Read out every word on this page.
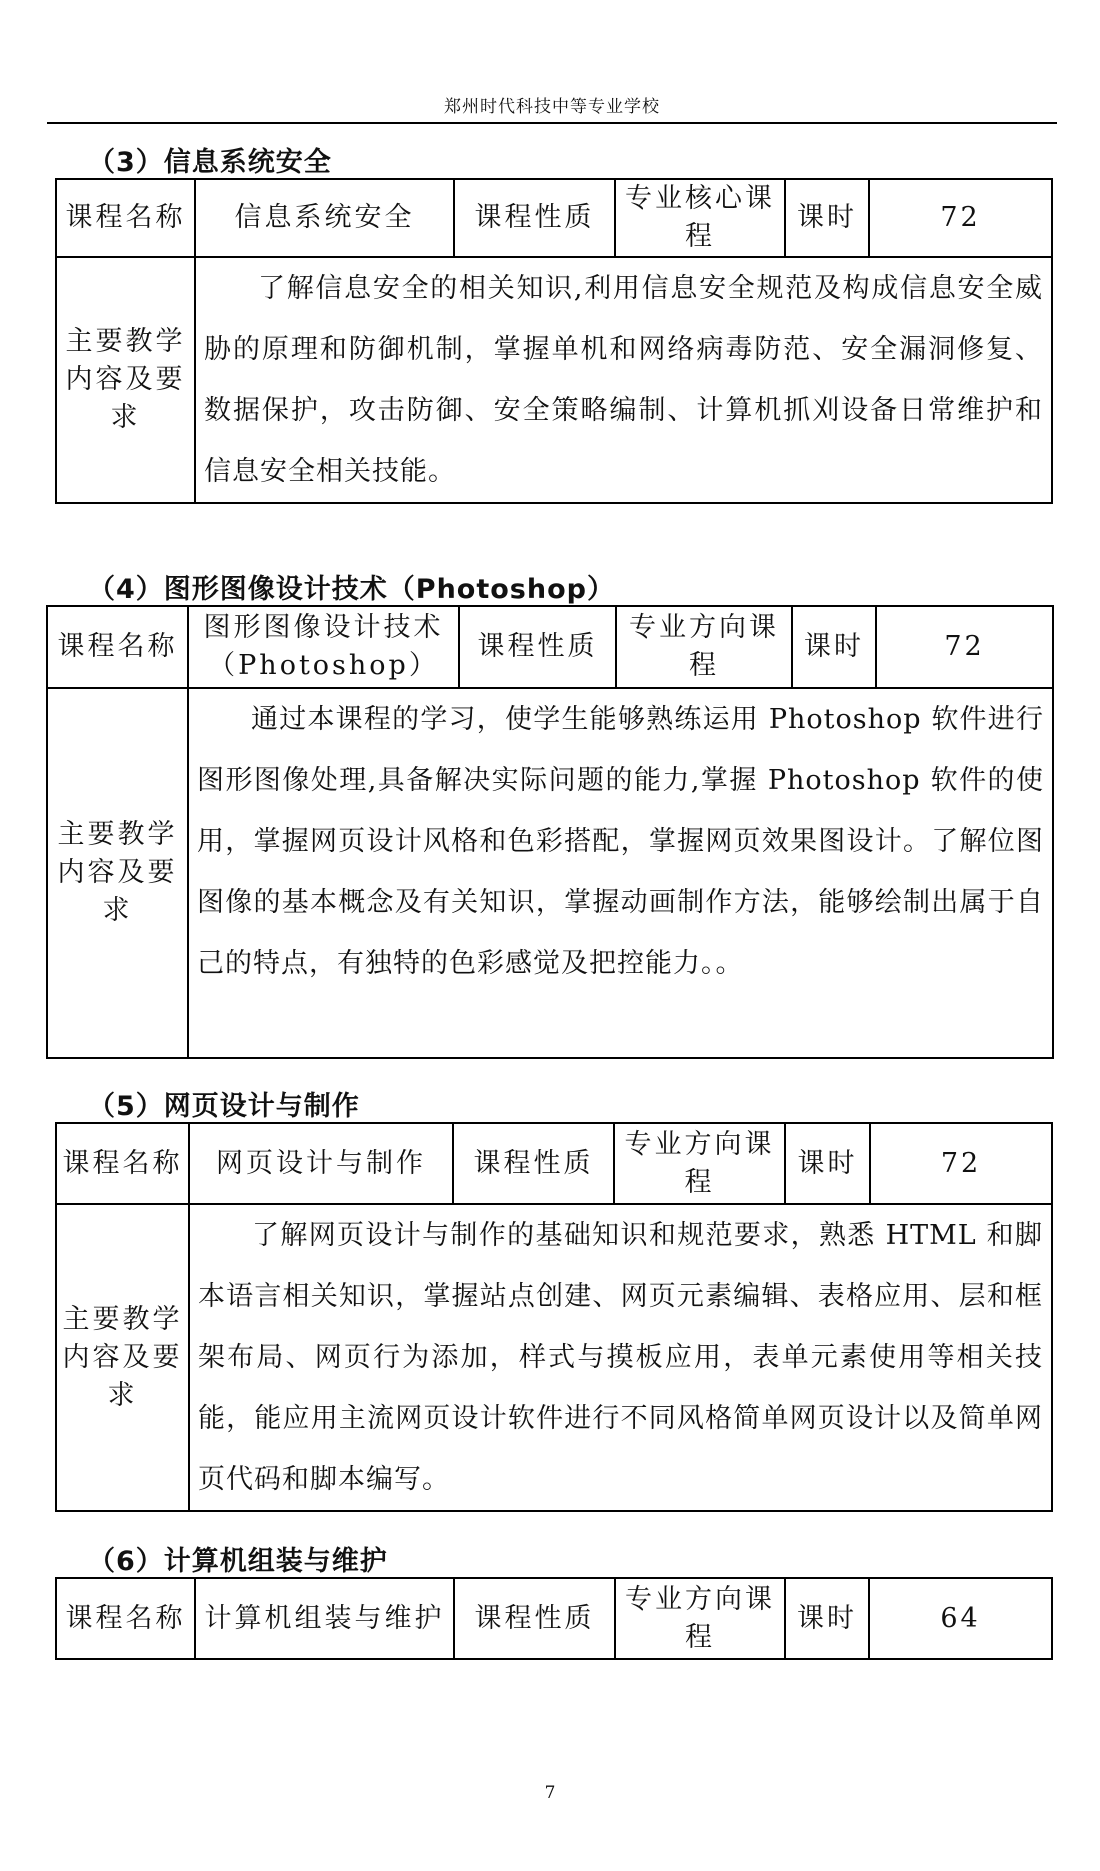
郑州时代科技中等专业学校
（3）信息系统安全
课程名称	信息系统安全	课程性质	专业核心课程	课时	72
主要教学内容及要求	了解信息安全的相关知识,利用信息安全规范及构成信息安全威胁的原理和防御机制，掌握单机和网络病毒防范、安全漏洞修复、数据保护，攻击防御、安全策略编制、计算机抓刈设备日常维护和信息安全相关技能。				
（4）图形图像设计技术（Photoshop）
课程名称	图形图像设计技术（Photoshop）	课程性质	专业方向课程	课时	72
主要教学内容及要求	通过本课程的学习，使学生能够熟练运用 Photoshop 软件进行图形图像处理,具备解决实际问题的能力,掌握 Photoshop 软件的使用，掌握网页设计风格和色彩搭配，掌握网页效果图设计。了解位图图像的基本概念及有关知识，掌握动画制作方法，能够绘制出属于自己的特点，有独特的色彩感觉及把控能力。。				
（5）网页设计与制作
课程名称	网页设计与制作	课程性质	专业方向课程	课时	72
主要教学内容及要求	了解网页设计与制作的基础知识和规范要求，熟悉 HTML 和脚本语言相关知识，掌握站点创建、网页元素编辑、表格应用、层和框架布局、网页行为添加，样式与摸板应用，表单元素使用等相关技能，能应用主流网页设计软件进行不同风格简单网页设计以及简单网页代码和脚本编写。				
（6）计算机组装与维护
课程名称	计算机组装与维护	课程性质	专业方向课程	课时	64
7
